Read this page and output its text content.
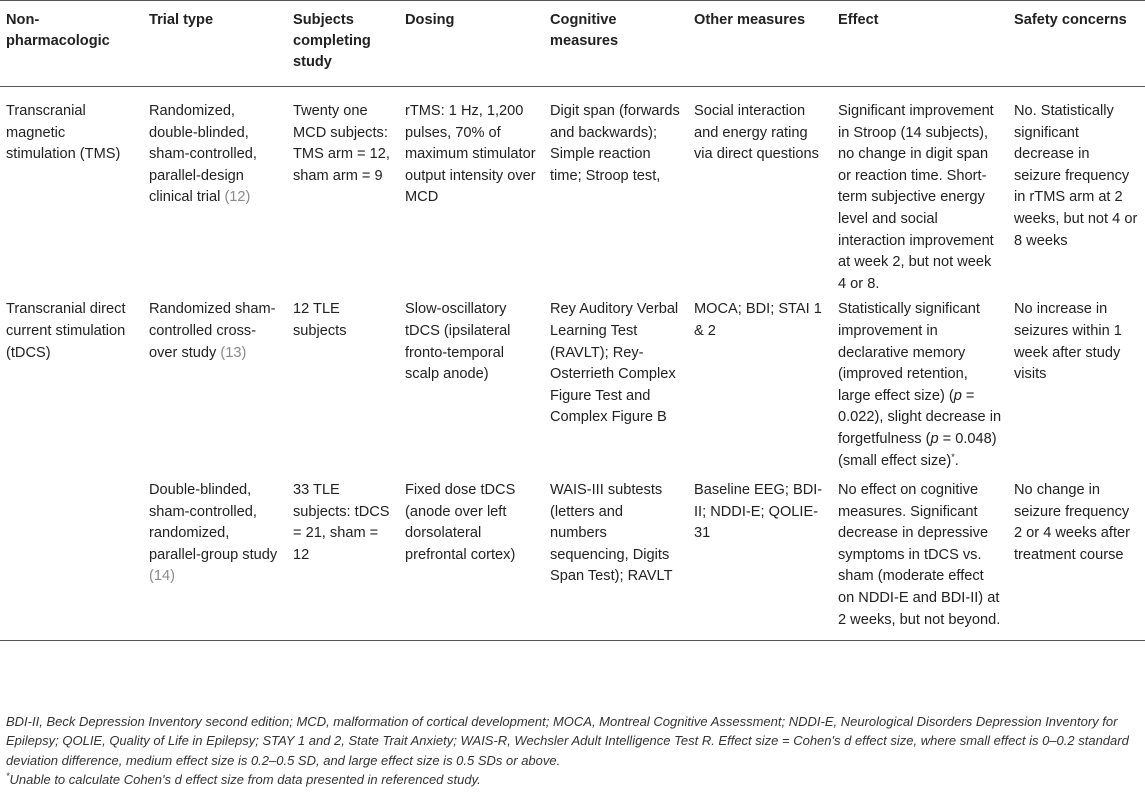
Non-pharmacologic	Trial type	Subjects completing study	Dosing	Cognitive measures	Other measures	Effect	Safety concerns
Transcranial magnetic stimulation (TMS)	Randomized, double-blinded, sham-controlled, parallel-design clinical trial (12)	Twenty one MCD subjects: TMS arm = 12, sham arm = 9	rTMS: 1 Hz, 1,200 pulses, 70% of maximum stimulator output intensity over MCD	Digit span (forwards and backwards); Simple reaction time; Stroop test,	Social interaction and energy rating via direct questions	Significant improvement in Stroop (14 subjects), no change in digit span or reaction time. Short-term subjective energy level and social interaction improvement at week 2, but not week 4 or 8.	No. Statistically significant decrease in seizure frequency in rTMS arm at 2 weeks, but not 4 or 8 weeks
Transcranial direct current stimulation (tDCS)	Randomized sham-controlled cross-over study (13)	12 TLE subjects	Slow-oscillatory tDCS (ipsilateral fronto-temporal scalp anode)	Rey Auditory Verbal Learning Test (RAVLT); Rey-Osterrieth Complex Figure Test and Complex Figure B	MOCA; BDI; STAI 1 & 2	Statistically significant improvement in declarative memory (improved retention, large effect size) (p = 0.022), slight decrease in forgetfulness (p = 0.048) (small effect size)*.	No increase in seizures within 1 week after study visits
	Double-blinded, sham-controlled, randomized, parallel-group study (14)	33 TLE subjects: tDCS = 21, sham = 12	Fixed dose tDCS (anode over left dorsolateral prefrontal cortex)	WAIS-III subtests (letters and numbers sequencing, Digits Span Test); RAVLT	Baseline EEG; BDI-II; NDDI-E; QOLIE-31	No effect on cognitive measures. Significant decrease in depressive symptoms in tDCS vs. sham (moderate effect on NDDI-E and BDI-II) at 2 weeks, but not beyond.	No change in seizure frequency 2 or 4 weeks after treatment course

BDI-II, Beck Depression Inventory second edition; MCD, malformation of cortical development; MOCA, Montreal Cognitive Assessment; NDDI-E, Neurological Disorders Depression Inventory for Epilepsy; QOLIE, Quality of Life in Epilepsy; STAY 1 and 2, State Trait Anxiety; WAIS-R, Wechsler Adult Intelligence Test R. Effect size = Cohen's d effect size, where small effect is 0–0.2 standard deviation difference, medium effect size is 0.2–0.5 SD, and large effect size is 0.5 SDs or above.

*Unable to calculate Cohen's d effect size from data presented in referenced study.
